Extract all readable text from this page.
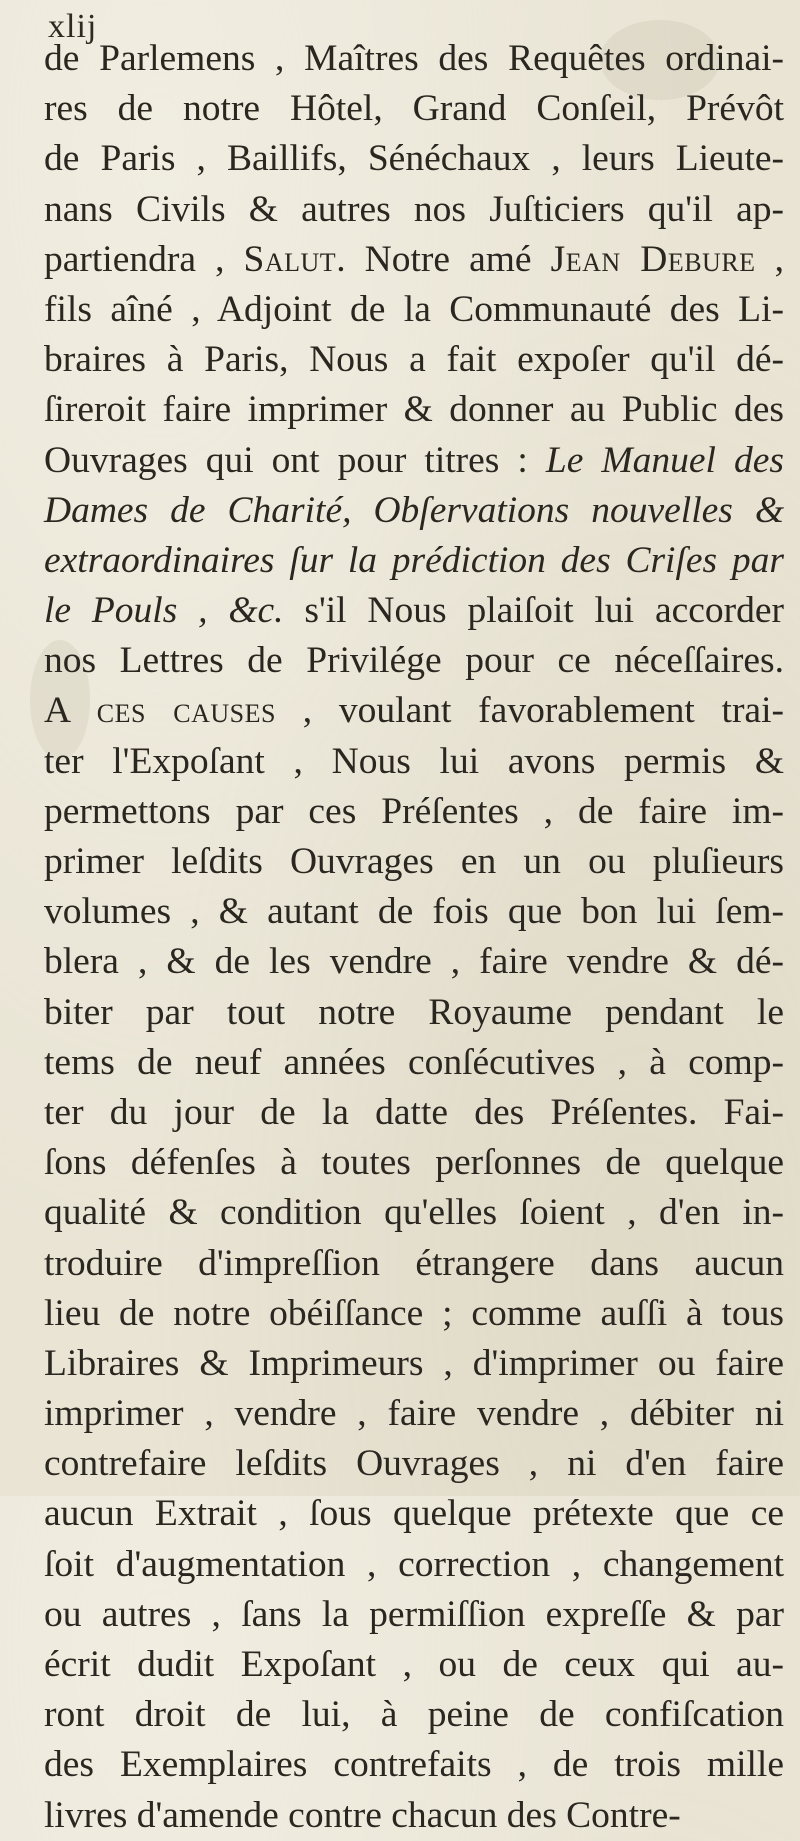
xlij
de Parlemens , Maîtres des Requêtes ordinai-
res de notre Hôtel, Grand Conſeil, Prévôt
de Paris , Baillifs, Sénéchaux , leurs Lieute-
nans Civils & autres nos Juſticiers qu'il ap-
partiendra , Salut. Notre amé Jean Debure ,
fils aîné , Adjoint de la Communauté des Li-
braires à Paris, Nous a fait expoſer qu'il dé-
ſireroit faire imprimer & donner au Public des
Ouvrages qui ont pour titres : Le Manuel des
Dames de Charité, Obſervations nouvelles &
extraordinaires ſur la prédiction des Criſes par
le Pouls , &c. s'il Nous plaiſoit lui accorder
nos Lettres de Privilége pour ce néceſſaires.
A ces causes , voulant favorablement trai-
ter l'Expoſant , Nous lui avons permis &
permettons par ces Préſentes , de faire im-
primer leſdits Ouvrages en un ou pluſieurs
volumes , & autant de fois que bon lui ſem-
blera , & de les vendre , faire vendre & dé-
biter par tout notre Royaume pendant le
tems de neuf années conſécutives , à comp-
ter du jour de la datte des Préſentes. Fai-
ſons défenſes à toutes perſonnes de quelque
qualité & condition qu'elles ſoient , d'en in-
troduire d'impreſſion étrangere dans aucun
lieu de notre obéiſſance ; comme auſſi à tous
Libraires & Imprimeurs , d'imprimer ou faire
imprimer , vendre , faire vendre , débiter ni
contrefaire leſdits Ouvrages , ni d'en faire
aucun Extrait , ſous quelque prétexte que ce
ſoit d'augmentation , correction , changement
ou autres , ſans la permiſſion expreſſe & par
écrit dudit Expoſant , ou de ceux qui au-
ront droit de lui, à peine de confiſcation
des Exemplaires contrefaits , de trois mille
livres d'amende contre chacun des Contre-
